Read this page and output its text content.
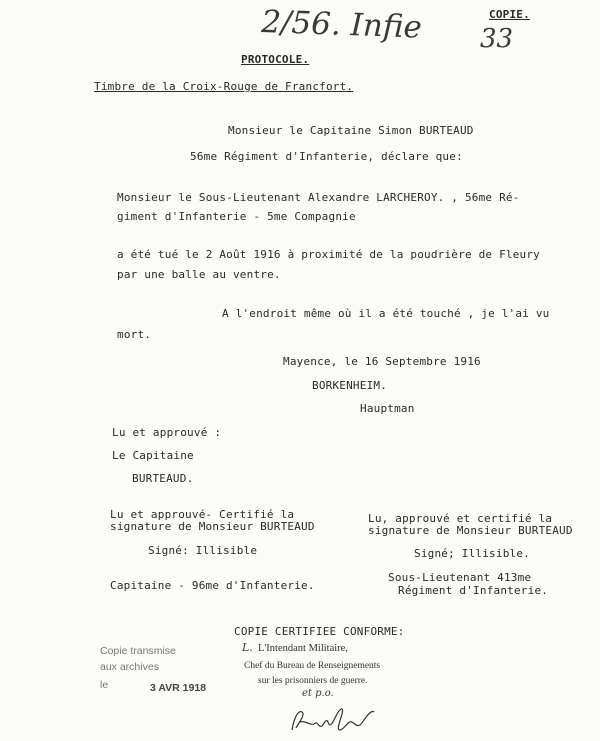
2/56. Infie 33
COPIE.
PROTOCOLE.
Timbre de la Croix-Rouge de Francfort.
Monsieur le Capitaine Simon BURTEAUD
56me Régiment d'Infanterie, déclare que:
Monsieur le Sous-Lieutenant Alexandre LARCHEROY. , 56me Ré-
giment d'Infanterie - 5me Compagnie
a été tué le 2 Août 1916 à proximité de la poudrière de Fleury
par une balle au ventre.
A l'endroit même où il a été touché , je l'ai vu
mort.
Mayence, le 16 Septembre 1916
BORKENHEIM.
Hauptman
Lu et approuvé :
Le Capitaine
BURTEAUD.
Lu et approuvé- Certifié la
signature de Monsieur BURTEAUD
Signé: Illisible
Capitaine - 96me d'Infanterie.
Lu, approuvé et certifié la
signature de Monsieur BURTEAUD
Signé; Illisible.
Sous-Lieutenant 413me
Régiment d'Infanterie.
COPIE CERTIFIEE CONFORME:
L. L'Intendant Militaire,
Chef du Bureau de Renseignements
sur les prisonniers de guerre.
et p.o.
Copie transmise
aux archives
le	3 AVR 1918
